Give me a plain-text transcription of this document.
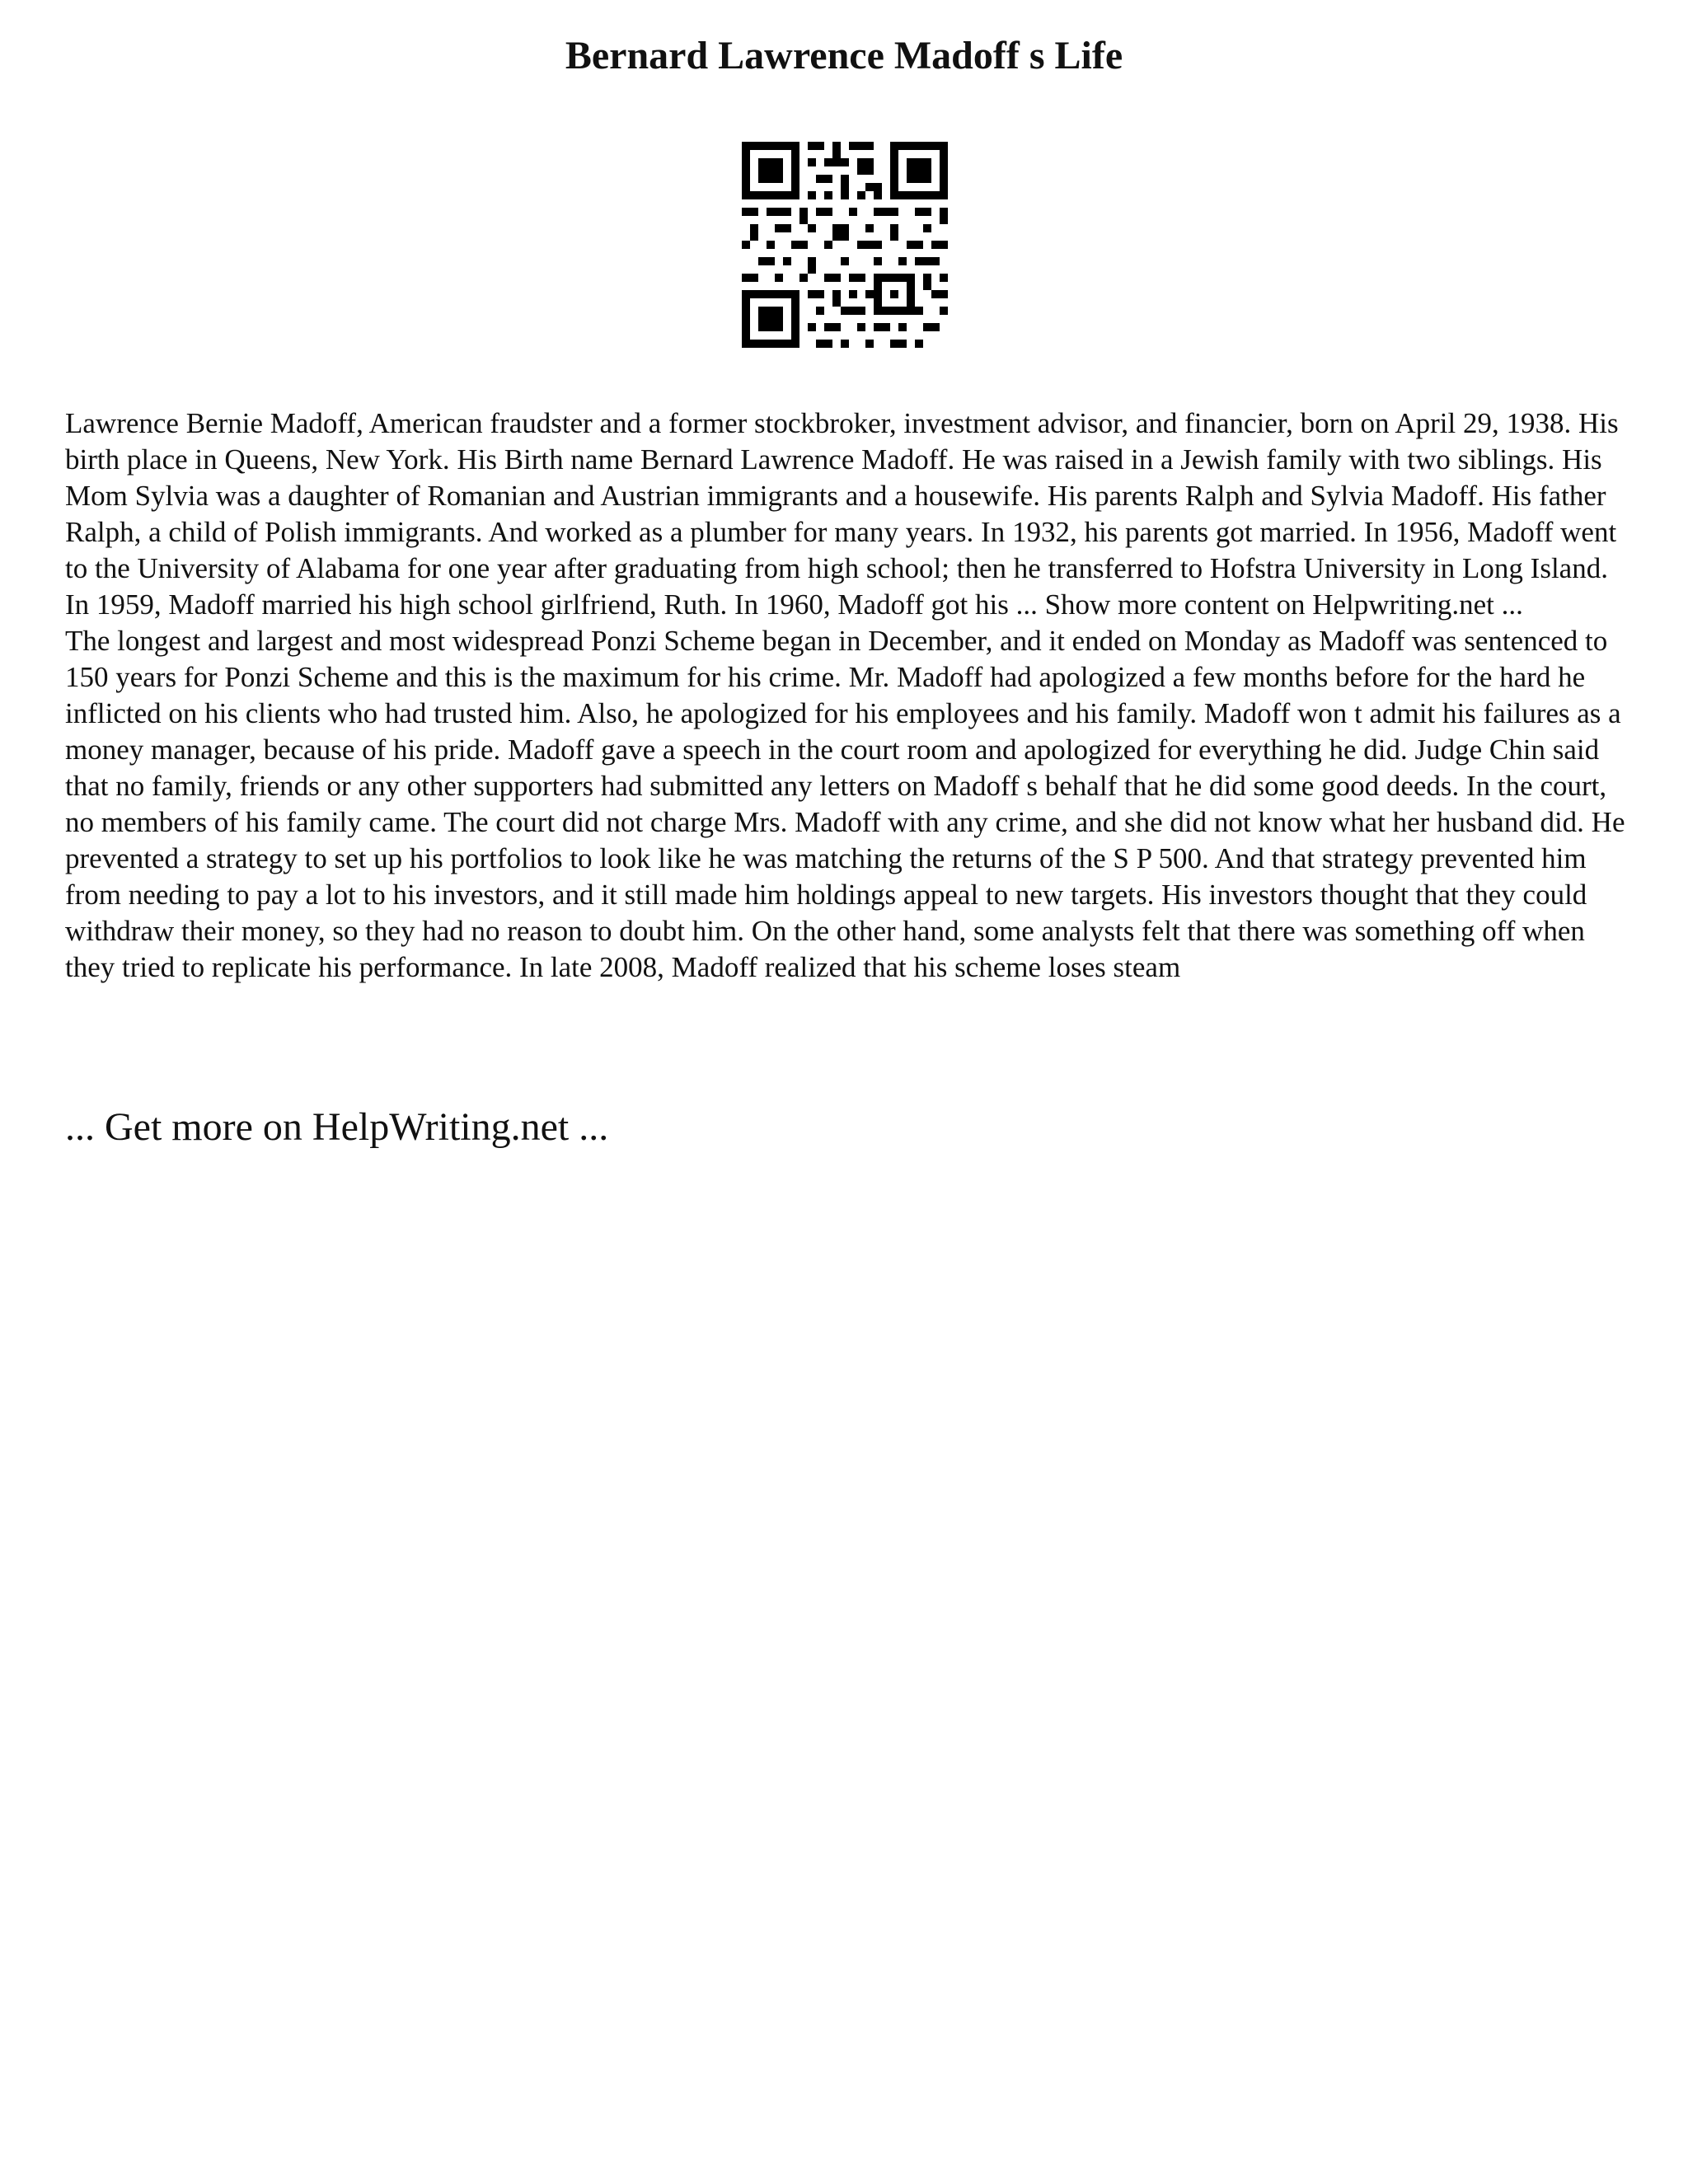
Bernard Lawrence Madoff s Life

Lawrence Bernie Madoff, American fraudster and a former stockbroker, investment advisor, and financier, born on April 29, 1938. His birth place in Queens, New York. His Birth name Bernard Lawrence Madoff. He was raised in a Jewish family with two siblings. His Mom Sylvia was a daughter of Romanian and Austrian immigrants and a housewife. His parents Ralph and Sylvia Madoff. His father Ralph, a child of Polish immigrants. And worked as a plumber for many years. In 1932, his parents got married. In 1956, Madoff went to the University of Alabama for one year after graduating from high school; then he transferred to Hofstra University in Long Island. In 1959, Madoff married his high school girlfriend, Ruth. In 1960, Madoff got his ... Show more content on Helpwriting.net ...

The longest and largest and most widespread Ponzi Scheme began in December, and it ended on Monday as Madoff was sentenced to 150 years for Ponzi Scheme and this is the maximum for his crime. Mr. Madoff had apologized a few months before for the hard he inflicted on his clients who had trusted him. Also, he apologized for his employees and his family. Madoff won t admit his failures as a money manager, because of his pride. Madoff gave a speech in the court room and apologized for everything he did. Judge Chin said that no family, friends or any other supporters had submitted any letters on Madoff s behalf that he did some good deeds. In the court, no members of his family came. The court did not charge Mrs. Madoff with any crime, and she did not know what her husband did. He prevented a strategy to set up his portfolios to look like he was matching the returns of the S P 500. And that strategy prevented him from needing to pay a lot to his investors, and it still made him holdings appeal to new targets. His investors thought that they could withdraw their money, so they had no reason to doubt him. On the other hand, some analysts felt that there was something off when they tried to replicate his performance. In late 2008, Madoff realized that his scheme loses steam

... Get more on HelpWriting.net ...
